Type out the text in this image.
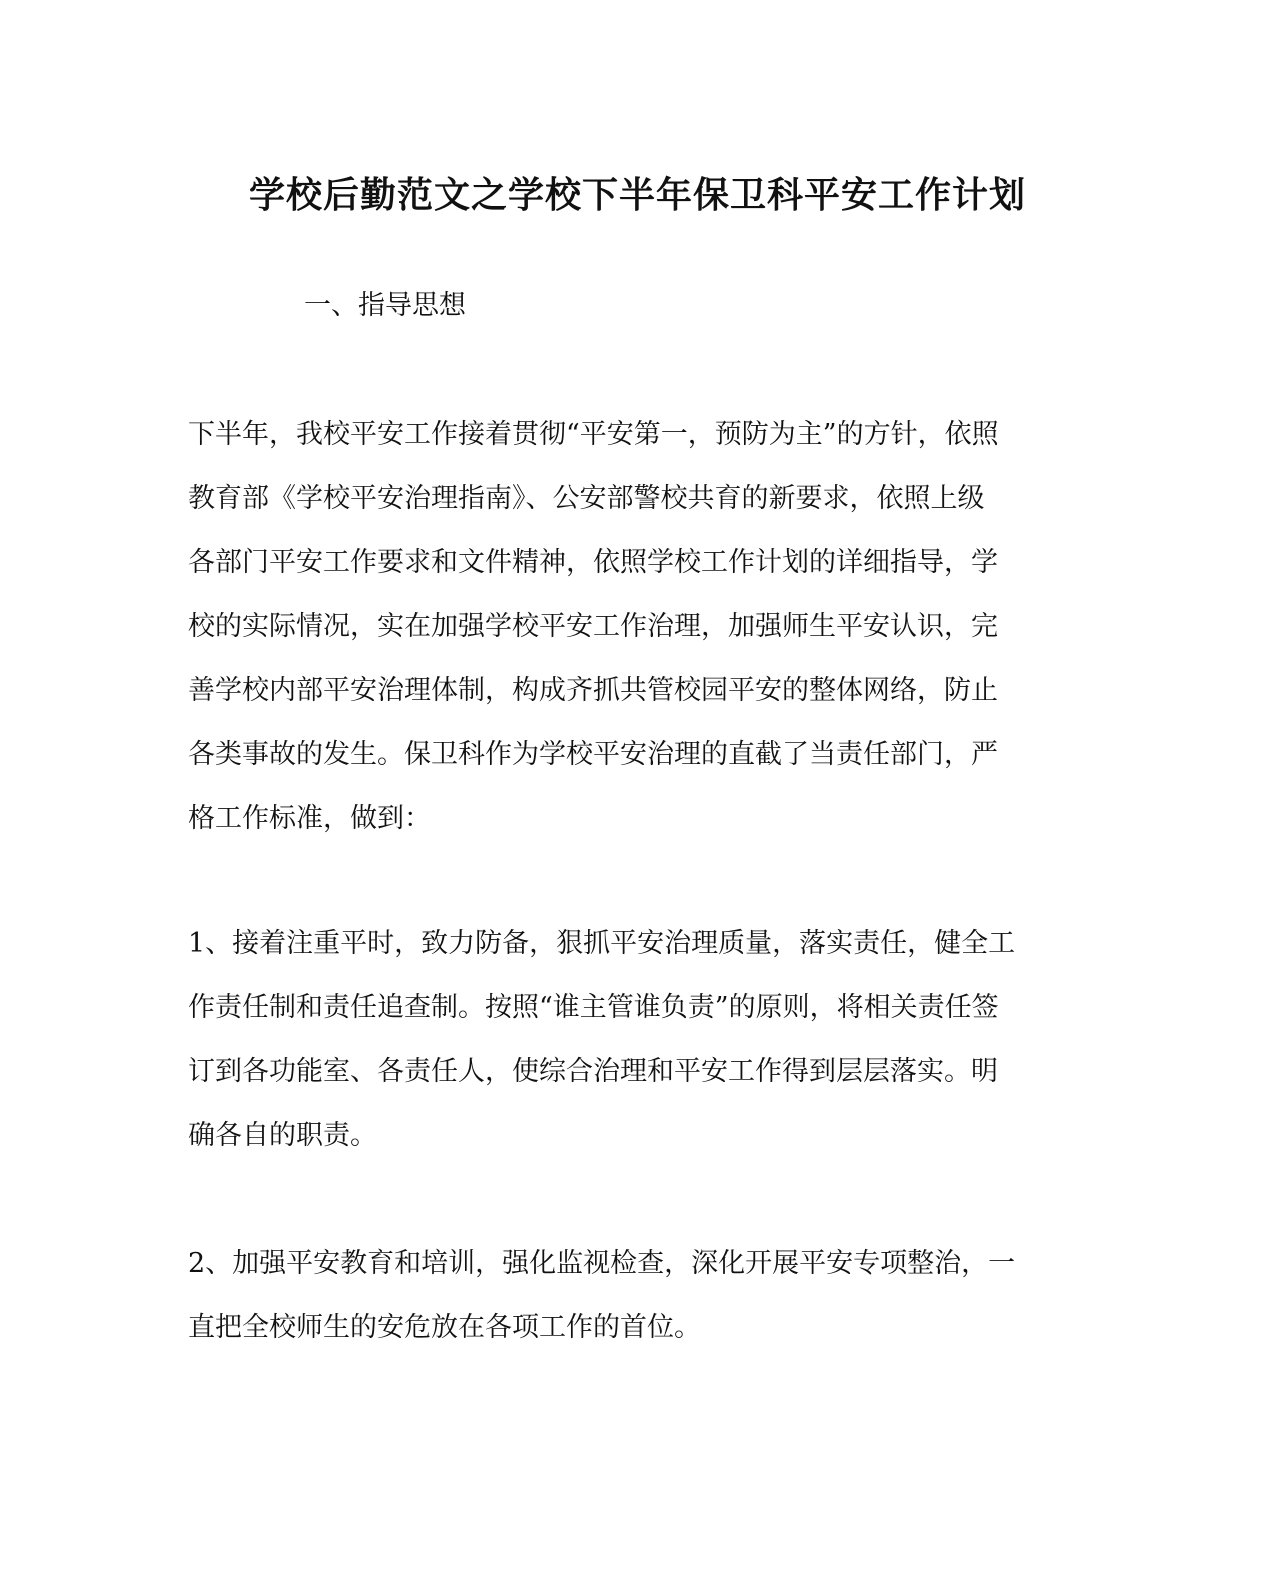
学校后勤范文之学校下半年保卫科平安工作计划
一、指导思想
下半年，我校平安工作接着贯彻“平安第一，预防为主”的方针，依照
教育部《学校平安治理指南》、公安部警校共育的新要求，依照上级
各部门平安工作要求和文件精神，依照学校工作计划的详细指导，学
校的实际情况，实在加强学校平安工作治理，加强师生平安认识，完
善学校内部平安治理体制，构成齐抓共管校园平安的整体网络，防止
各类事故的发生。保卫科作为学校平安治理的直截了当责任部门，严
格工作标准，做到：
1、接着注重平时，致力防备，狠抓平安治理质量，落实责任，健全工
作责任制和责任追查制。按照“谁主管谁负责”的原则，将相关责任签
订到各功能室、各责任人，使综合治理和平安工作得到层层落实。明
确各自的职责。
2、加强平安教育和培训，强化监视检查，深化开展平安专项整治，一
直把全校师生的安危放在各项工作的首位。
